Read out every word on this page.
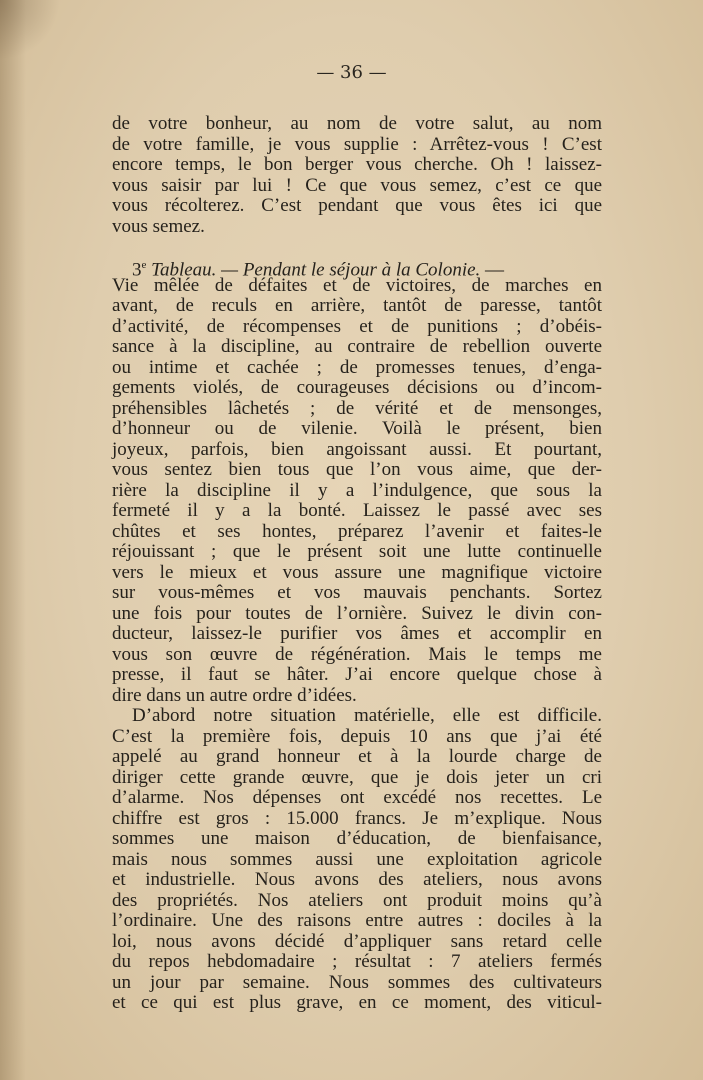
— 36 —
de votre bonheur, au nom de votre salut, au nom
de votre famille, je vous supplie : Arrêtez-vous ! C’est
encore temps, le bon berger vous cherche. Oh ! laissez-
vous saisir par lui ! Ce que vous semez, c’est ce que
vous récolterez. C’est pendant que vous êtes ici que
vous semez.
3e Tableau. — Pendant le séjour à la Colonie. —
Vie mêlée de défaites et de victoires, de marches en
avant, de reculs en arrière, tantôt de paresse, tantôt
d’activité, de récompenses et de punitions ; d’obéis-
sance à la discipline, au contraire de rebellion ouverte
ou intime et cachée ; de promesses tenues, d’enga-
gements violés, de courageuses décisions ou d’incom-
préhensibles lâchetés ; de vérité et de mensonges,
d’honneur ou de vilenie. Voilà le présent, bien
joyeux, parfois, bien angoissant aussi. Et pourtant,
vous sentez bien tous que l’on vous aime, que der-
rière la discipline il y a l’indulgence, que sous la
fermeté il y a la bonté. Laissez le passé avec ses
chûtes et ses hontes, préparez l’avenir et faites-le
réjouissant ; que le présent soit une lutte continuelle
vers le mieux et vous assure une magnifique victoire
sur vous-mêmes et vos mauvais penchants. Sortez
une fois pour toutes de l’ornière. Suivez le divin con-
ducteur, laissez-le purifier vos âmes et accomplir en
vous son œuvre de régénération. Mais le temps me
presse, il faut se hâter. J’ai encore quelque chose à
dire dans un autre ordre d’idées.
D’abord notre situation matérielle, elle est difficile.
C’est la première fois, depuis 10 ans que j’ai été
appelé au grand honneur et à la lourde charge de
diriger cette grande œuvre, que je dois jeter un cri
d’alarme. Nos dépenses ont excédé nos recettes. Le
chiffre est gros : 15.000 francs. Je m’explique. Nous
sommes une maison d’éducation, de bienfaisance,
mais nous sommes aussi une exploitation agricole
et industrielle. Nous avons des ateliers, nous avons
des propriétés. Nos ateliers ont produit moins qu’à
l’ordinaire. Une des raisons entre autres : dociles à la
loi, nous avons décidé d’appliquer sans retard celle
du repos hebdomadaire ; résultat : 7 ateliers fermés
un jour par semaine. Nous sommes des cultivateurs
et ce qui est plus grave, en ce moment, des viticul-
